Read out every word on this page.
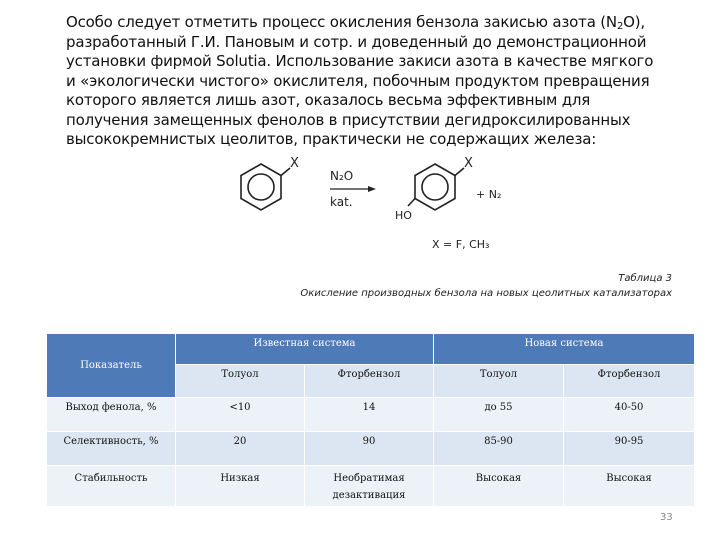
Особо следует отметить процесс окисления бензола закисью азота $(N_2O)$, разработанный Г.И. Пановым и сотр. и доведенный до демонстрационной установки фирмой Solutia. Использование закиси азота в качестве мягкого и «экологически чистого» окислителя, побочным продуктом превращения которого является лишь азот, оказалось весьма эффективным для получения замещенных фенолов в присутствии дегидроксилированных высококремнистых цеолитов, практически не содержащих железа:
X
N₂O
kat.
X
HO
+ N₂
X = F, CH₃
Таблица 3
Окисление производных бензола на новых цеолитных катализаторах
Показатель	Известная система		Новая система	
	Толуол	Фторбензол	Толуол	Фторбензол
Выход фенола, %	<10	14	до 55	40-50
Селективность, %	20	90	85-90	90-95
Стабильность	Низкая	Необратимая дезактивация	Высокая	Высокая
33
